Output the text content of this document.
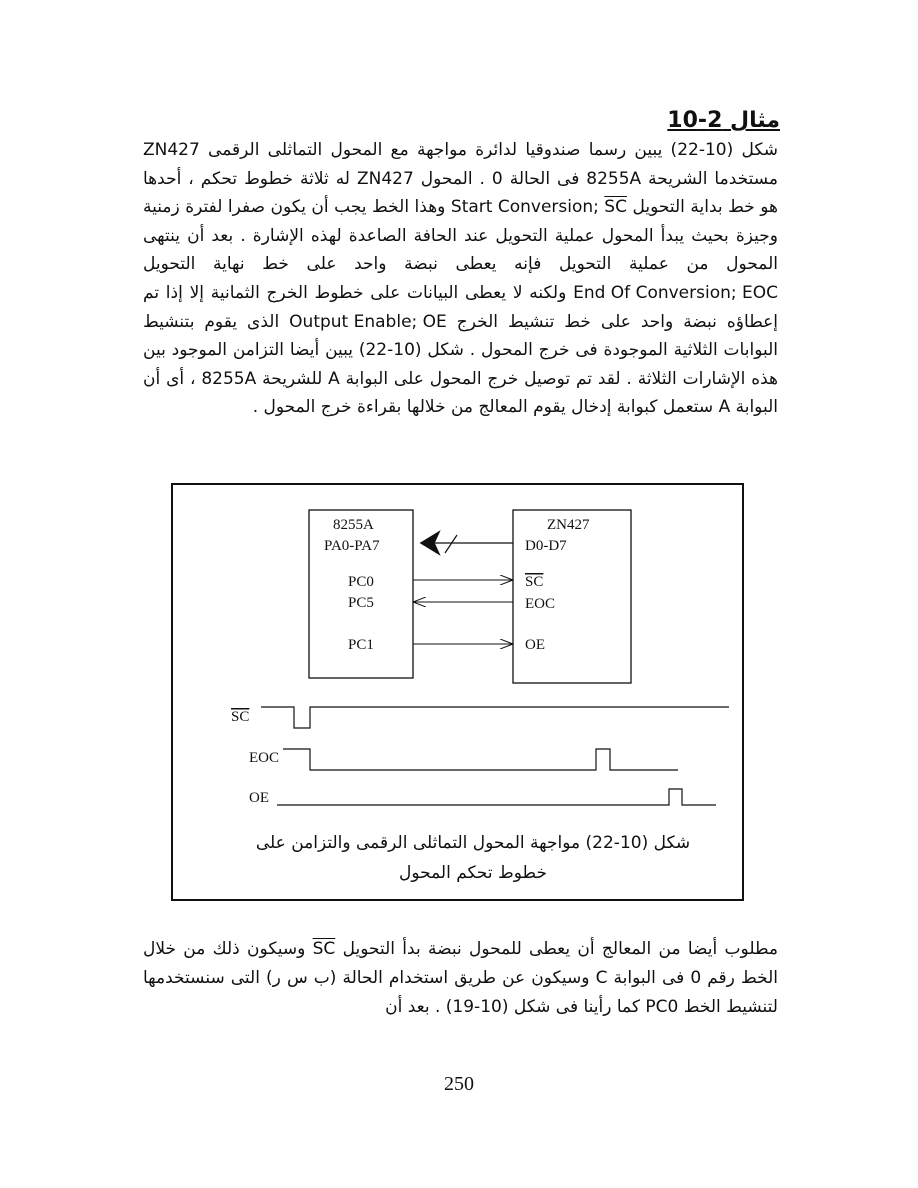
مثال 2-10
شكل (10-22) يبين رسما صندوقيا لدائرة مواجهة مع المحول التماثلى الرقمى ZN427 مستخدما الشريحة 8255A فى الحالة 0 . المحول ZN427 له ثلاثة خطوط تحكم ، أحدها هو خط بداية التحويل Start Conversion; $\overline{SC}$ وهذا الخط يجب أن يكون صفرا لفترة زمنية وجيزة بحيث يبدأ المحول عملية التحويل عند الحافة الصاعدة لهذه الإشارة . بعد أن ينتهى المحول من عملية التحويل فإنه يعطى نبضة واحد على خط نهاية التحويل End Of Conversion; EOC ولكنه لا يعطى البيانات على خطوط الخرج الثمانية إلا إذا تم إعطاؤه نبضة واحد على خط تنشيط الخرج Output Enable; OE الذى يقوم بتنشيط البوابات الثلاثية الموجودة فى خرج المحول . شكل (10-22) يبين أيضا التزامن الموجود بين هذه الإشارات الثلاثة . لقد تم توصيل خرج المحول على البوابة A للشريحة 8255A ، أى أن البوابة A ستعمل كبوابة إدخال يقوم المعالج من خلالها بقراءة خرج المحول .
8255A
PA0-PA7
PC0
PC5
PC1
ZN427
D0-D7
SC
EOC
OE
SC
EOC
OE
شكل (10-22) مواجهة المحول التماثلى الرقمى والتزامن على
خطوط تحكم المحول
مطلوب أيضا من المعالج أن يعطى للمحول نبضة بدأ التحويل $\overline{SC}$ وسيكون ذلك من خلال الخط رقم 0 فى البوابة C وسيكون عن طريق استخدام الحالة (ب س ر) التى سنستخدمها لتنشيط الخط PC0 كما رأينا فى شكل (10-19) . بعد أن
250
